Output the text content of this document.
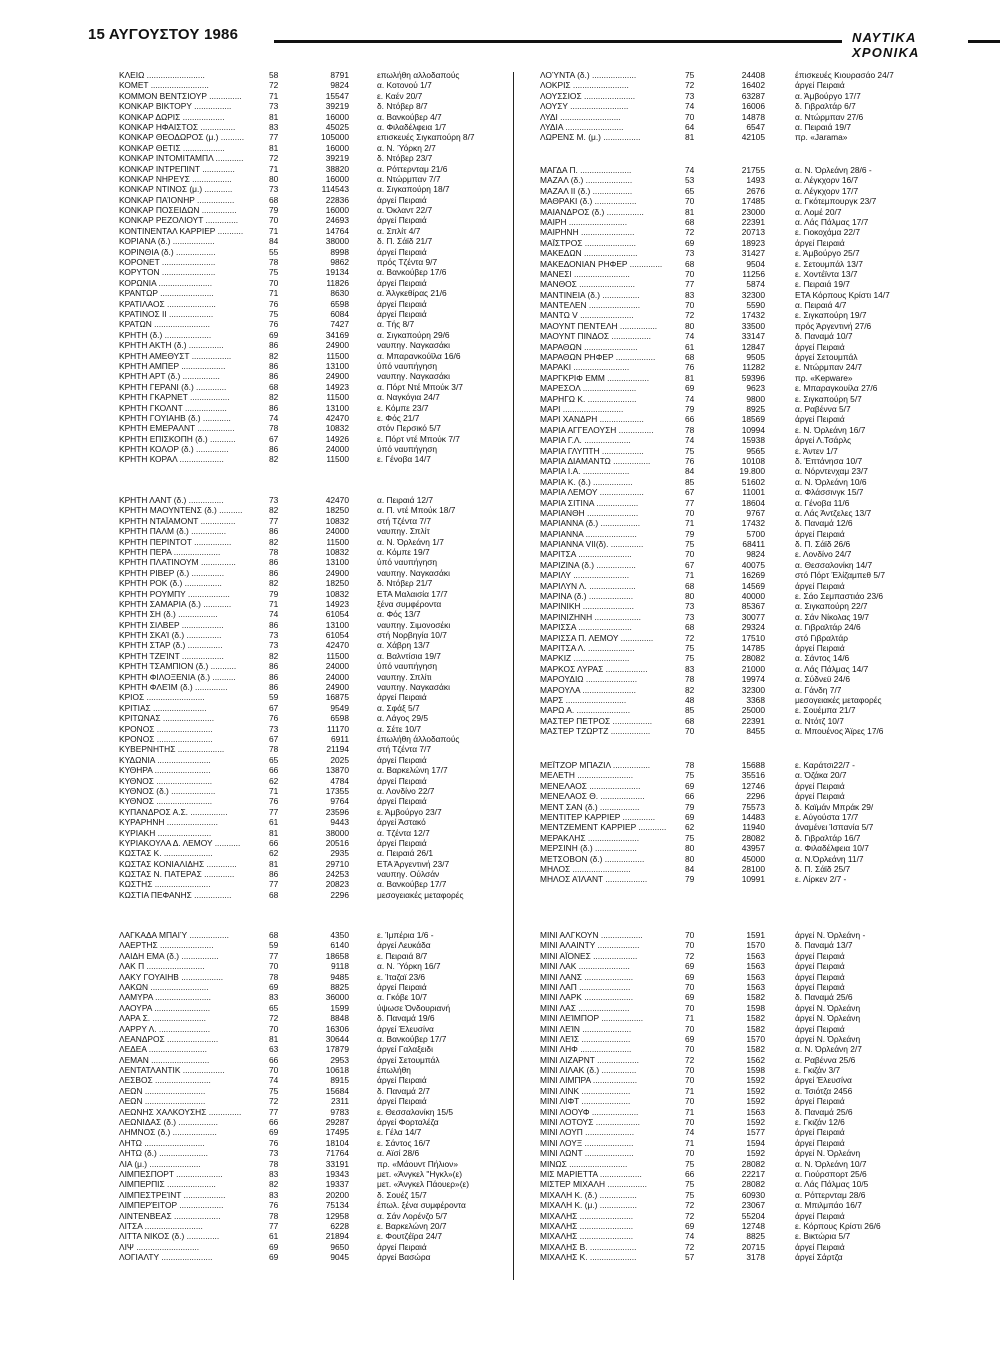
15 ΑΥΓΟΥΣΤΟΥ 1986	ΝΑΥΤΙΚΑ ΧΡΟΝΙΚΑ
ΚΛΕΙΩ .........................	58	8791	επωλήθη αλλοδαπούς
ΚΟΜΕΤ .........................	72	9824	α. Κοτονού 1/7
ΚΟΜΜΟΝ ΒΕΝΤΣΙΟΥΡ ..............	71	15547	ε. Καέν 20/7
ΚΟΝΚΑΡ ΒΙΚΤΟΡΥ ................	73	39219	δ. Ντόβερ 8/7
ΚΟΝΚΑΡ ΔΩΡΙΣ ..................	81	16000	α. Βανκούβερ 4/7
ΚΟΝΚΑΡ ΗΦΑΙΣΤΟΣ ...............	83	45025	α. Φιλαδέλφεια 1/7
ΚΟΝΚΑΡ ΘΕΟΔΩΡΟΣ (μ.) ..........	77	105000	επισκευές Σιγκαπούρη 8/7
ΚΟΝΚΑΡ ΘΕΤΙΣ ..................	81	16000	α. Ν. Ύόρκη 2/7
ΚΟΝΚΑΡ ΙΝΤΟΜΙΤΑΜΠΛ ............	72	39219	δ. Ντόβερ 23/7
ΚΟΝΚΑΡ ΙΝΤΡΕΠΙΝΤ ..............	71	38820	α. Ρόττερνταμ 21/6
ΚΟΝΚΑΡ ΝΗΡΕΥΣ .................	80	16000	α. Ντώρμπαν 7/7
ΚΟΝΚΑΡ ΝΤΙΝΟΣ (μ.) ............	73	114543	α. Σιγκαπούρη 18/7
ΚΟΝΚΑΡ ΠΑΊΟΝΗΡ ................	68	22836	άργεί Πειραιά
ΚΟΝΚΑΡ ΠΟΣΕΙΔΩΝ ...............	79	16000	α. Όκλαντ 22/7
ΚΟΝΚΑΡ ΡΕΖΟΛΙΟΥΤ ..............	70	24693	άργεί Πειραιά
ΚΟΝΤΙΝΕΝΤΑΛ ΚΑΡΡΙΕΡ ...........	71	14764	α. Σπλίτ 4/7
ΚΟΡΙΑΝΑ (δ.) ..................	84	38000	δ. Π. Σάϊδ 21/7
ΚΟΡΙΝΘΙΑ (δ.) .................	55	8998	άργεί Πειραιά
ΚΟΡΟΝΕΤ .......................	78	9862	πρός Τζέντα 9/7
ΚΟΡΥΤΟΝ .......................	75	19134	α. Βανκούβερ 17/6
ΚΟΡΩΝΙΑ .......................	70	11826	άργεί Πειραιά
ΚΡΑΝΤΩΡ .......................	71	8630	α. Άλγκεθίρας 21/6
ΚΡΑΤΙΛΑΟΣ .....................	76	6598	άργεί Πειραιά
ΚΡΑΤΙΝΟΣ ΙΙ ...................	75	6084	άργεί Πειραιά
ΚΡΑΤΩΝ ........................	76	7427	α. Τής 8/7
ΚΡΗΤΗ (δ.) ....................	69	34169	α. Σιγκαπούρη 29/6
ΚΡΗΤΗ ΑΚΤΗ (δ.) ...............	86	24900	ναυπηγ. Ναγκασάκι
ΚΡΗΤΗ ΑΜΕΘΥΣΤ .................	82	11500	α. Μπαρανκούϊλα 16/6
ΚΡΗΤΗ ΑΜΠΕΡ ...................	86	13100	ύπό ναυπήγηση
ΚΡΗΤΗ ΑΡΤ (δ.) ................	86	24900	ναυπηγ. Ναγκασάκι
ΚΡΗΤΗ ΓΕΡΑΝΙ (δ.) .............	68	14923	α. Πόρτ Ντέ Μπούκ 3/7
ΚΡΗΤΗ ΓΚΑΡΝΕΤ .................	82	11500	α. Ναγκόγια 24/7
ΚΡΗΤΗ ΓΚΟΛΝΤ ..................	86	13100	ε. Κόμπε 23/7
ΚΡΗΤΗ ΓΟΥΙΑΗΒ (δ.) ............	74	42470	ε. Φός 21/7
ΚΡΗΤΗ ΕΜΕΡΑΛΝΤ ................	78	10832	στόν Περσικό 5/7
ΚΡΗΤΗ ΕΠΙΣΚΟΠΗ (δ.) ...........	67	14926	ε. Πόρτ ντέ Μπούκ 7/7
ΚΡΗΤΗ ΚΟΛΟΡ (δ.) ..............	86	24000	ύπό ναυπήγηση
ΚΡΗΤΗ ΚΟΡΑΛ ...................	82	11500	ε. Γένοβα 14/7
ΚΡΗΤΗ ΛΑΝΤ (δ.) ...............	73	42470	α. Πειραιά 12/7
ΚΡΗΤΗ ΜΑΟΥΝΤΕΝΣ (δ.) ..........	82	18250	α. Π. ντέ Μπούκ 18/7
ΚΡΗΤΗ ΝΤΑΪΑΜΟΝΤ ...............	77	10832	στή Τζέντα 7/7
ΚΡΗΤΗ ΠΑΛΜ (δ.) ...............	86	24000	ναυπηγ. Σπλίτ
ΚΡΗΤΗ ΠΕΡΙΝΤΟΤ ................	82	11500	α. Ν. Όρλεάνη 1/7
ΚΡΗΤΗ ΠΕΡΑ ....................	78	10832	α. Κόμπε 19/7
ΚΡΗΤΗ ΠΛΑΤΙΝΟΥΜ ...............	86	13100	ύπό ναυπήγηση
ΚΡΗΤΗ ΡΙΒΕΡ (δ.) ..............	86	24900	ναυπηγ. Ναγκασάκι
ΚΡΗΤΗ ΡΟΚ (δ.) ................	82	18250	δ. Ντόβερ 21/7
ΚΡΗΤΗ ΡΟΥΜΠΥ ..................	79	10832	ΕΤΑ Μαλαισία 17/7
ΚΡΗΤΗ ΣΑΜΑΡΙΑ (δ.) ............	71	14923	ξένα συμφέροντα
ΚΡΗΤΗ ΣΗ (δ.) .................	74	61054	α. Φός 13/7
ΚΡΗΤΗ ΣΙΛΒΕΡ ..................	86	13100	ναυπηγ. Σιμονοσέκι
ΚΡΗΤΗ ΣΚΑΊ (δ.) ...............	73	61054	στή Νορβηγία 10/7
ΚΡΗΤΗ ΣΤΑΡ (δ.) ...............	73	42470	α. Χάβρη 13/7
ΚΡΗΤΗ ΤΖΕΊΝΤ ..................	82	11500	α. Βαλντίσια 19/7
ΚΡΗΤΗ ΤΣΑΜΠΙΟΝ (δ.) ...........	86	24000	ύπό ναυπήγηση
ΚΡΗΤΗ ΦΙΛΟΞΕΝΙΑ (δ.) ..........	86	24000	ναυπηγ. Σπλίτι
ΚΡΗΤΗ ΦΛΕΊΜ (δ.) ..............	86	24900	ναυπηγ. Ναγκασάκι
ΚΡΙΟΣ .........................	59	16875	άργεί Πειραιά
ΚΡΙΤΙΑΣ .......................	67	9549	α. Σφάξ 5/7
ΚΡΙΤΩΝΑΣ ......................	76	6598	α. Λάγος 29/5
ΚΡΟΝΟΣ ........................	73	11170	α. Σέτε 10/7
ΚΡΟΝΟΣ ........................	67	6911	έπωλήθη άλλοδαπούς
ΚΥΒΕΡΝΗΤΗΣ ....................	78	21194	στή Τζέντα 7/7
ΚΥΔΩΝΙΑ .......................	65	2025	άργεί Πειραιά
ΚΥΘΗΡΑ ........................	66	13870	α. Βαρκελώνη 17/7
ΚΥΘΝΟΣ ........................	62	4784	άργεί Πειραιά
ΚΥΘΝΟΣ (δ.) ...................	71	17355	α. Λονδίνο 22/7
ΚΥΘΝΟΣ ........................	76	9764	άργεί Πειραιά
ΚΥΠΑΝΔΡΟΣ Α.Σ. ................	77	23596	ε. Άμβούργο 23/7
ΚΥΡΑΡΗΝΗ ......................	61	9443	άργεί Άστακό
ΚΥΡΙΑΚΗ .......................	81	38000	α. Τζέντα 12/7
ΚΥΡΙΑΚΟΥΛΑ Δ. ΛΕΜΟΥ ...........	66	20516	άργεί Πειραιά
ΚΩΣΤΑΣ Κ. .....................	62	2935	α. Πειραιά 26/1
ΚΩΣΤΑΣ ΚΟΝΙΑΛΙΔΗΣ .............	81	29710	ΕΤΑ Άργεντινή 23/7
ΚΩΣΤΑΣ Ν. ΠΑΤΕΡΑΣ .............	86	24253	ναυπηγ. Ούλσάν
ΚΩΣΤΗΣ ........................	77	20823	α. Βανκούβερ 17/7
ΚΩΣΤΙΑ ΠΕΦΑΝΗΣ ................	68	2296	μεσογειακές μεταφορές
ΛΑΓΚΑΔΑ ΜΠΑΙΎ .................	68	4350	ε. Ίμπέρια 1/6 -
ΛΑΕΡΤΗΣ .......................	59	6140	άργεί Λευκάδα
ΛΑΙΔΗ ΕΜΑ (δ.) ................	77	18658	ε. Πειραιά 8/7
ΛΑΚ Π .........................	70	9118	α. Ν. Ύόρκη 16/7
ΛΑΚΥ ΓΟΥΑΙΗΒ ..................	78	9485	ε. Ίταζαϊ 23/6
ΛΑΚΩΝ .........................	69	8825	άργεί Πειραιά
ΛΑΜΥΡΑ ........................	83	36000	α. Γκόβε 10/7
ΛΑΟΥΡΑ ........................	65	1599	ύψωσε Όνδουριανή
ΛΑΡΑ Σ. .......................	72	8848	δ. Παναμά 19/6
ΛΑΡΡΥ Λ. ......................	70	16306	άργεί Έλευσίνα
ΛΕΑΝΔΡΟΣ ......................	81	30644	α. Βανκούβερ 17/7
ΛΕΔΕΑ .........................	63	17879	άργεί Γαλαξειδι
ΛΕΜΑΝ .........................	66	2953	άργεί Σετουμπάλ
ΛΕΝΤΑΤΛΑΝΤΙΚ ..................	70	10618	έπωλήθη
ΛΕΣΒΟΣ ........................	74	8915	άργεί Πειραιά
ΛΕΩΝ ..........................	75	15684	δ. Παναμά 2/7
ΛΕΩΝ ..........................	72	2311	άργεί Πειραιά
ΛΕΩΝΗΣ ΧΑΛΚΟΥΣΗΣ ..............	77	9783	ε. Θεσσαλονίκη 15/5
ΛΕΩΝΙΔΑΣ (δ.) .................	66	29287	άργεί Φορταλέζα
ΛΗΜΝΟΣ (δ.) ...................	69	17495	ε. Γέλα 14/7
ΛΗΤΩ ..........................	76	18104	ε. Σάντος 16/7
ΛΗΤΩ (δ.) .....................	73	71764	α. Αϊσί 28/6
ΛΙΑ (μ.) ......................	78	33191	πρ. «Μάουντ Πήλιον»
ΛΙΜΠΕΣΠΟΡΤ ....................	83	19343	μετ. «Άνγκελ "Ηγκλ»(ε)
ΛΙΜΠΕΡΠΙΣ .....................	82	19337	μετ. «Άνγκελ Πάουερ»(ε)
ΛΙΜΠΕΣΤΡΕΊΝΤ ..................	83	20200	δ. Σουέζ 15/7
ΛΙΜΠΕΡΈΙΤΟΡ ...................	76	75134	έπωλ. ξένα συμφέροντα
ΛΙΝΤΕΝΒΕΑΣ ....................	78	12958	α. Σάν Λορένζο 5/7
ΛΙΤΣΑ .........................	77	6228	ε. Βαρκελώνη 20/7
ΛΙΤΤΑ ΝΙΚΟΣ (δ.) ..............	61	21894	ε. Φουτζέϊρα 24/7
ΛΙΨ ...........................	69	9650	άργεί Πειραιά
ΛΟΓΙΑΛΤΥ ......................	69	9045	άργεί Βασώρα
ΛΟΎΝΤΑ (δ.) ...................	75	24408	έπισκευές Κιουρασάο 24/7
ΛΟΚΡΙΣ ........................	72	16402	άργεί Πειραιά
ΛΟΥΣΣΙΟΣ ......................	73	63287	α. Άμβούργο 17/7
ΛΟΥΣΥ .........................	74	16006	δ. Γιβραλτάρ 6/7
ΛΥΔΙ ..........................	70	14878	α. Ντώρμπαν 27/6
ΛΥΔΙΑ .........................	64	6547	α. Πειραιά 19/7
ΛΩΡΕΝΣ Μ. (μ.) ................	81	42105	πρ. «Jarama»
ΜΑΓΔΑ Π. ......................	74	21755	α. Ν. Όρλεάνη 28/6 -
ΜΑΖΑΛ (δ.) ....................	53	1493	α. Λέγκχορν 16/7
ΜΑΖΑΛ ΙΙ (δ.) .................	65	2676	α. Λέγκχορν 17/7
ΜΑΘΡΑΚΙ (δ.) ..................	70	17485	α. Γκότεμπουργκ 23/7
ΜΑΙΑΝΔΡΟΣ (δ.) ................	81	23000	α. Λομέ 20/7
ΜΑΙΡΗ .........................	68	22391	α. Λάς Πάλμας 17/7
ΜΑΙΡΗΝΗ .......................	72	20713	ε. Γιοκοχάμα 22/7
ΜΑΪΣΤΡΟΣ ......................	69	18923	άργεί Πειραιά
ΜΑΚΕΔΩΝ .......................	73	31427	ε. Άμβούργο 25/7
ΜΑΚΕΔΟΝΙΑΝ ΡΗΦΕΡ ..............	68	9504	ε. Σετουμπάλ 13/7
ΜΑΝΕΣΙ ........................	70	11256	ε. Χοντέϊντα 13/7
ΜΑΝΘΟΣ ........................	77	5874	ε. Πειραιά 19/7
ΜΑΝΤΙΝΕΙΑ (δ.) ................	83	32300	ΕΤΑ Κόρπους Κρίστι 14/7
ΜΑΝΤΕΛΕΝ ......................	70	5590	α. Πειραιά 4/7
ΜΑΝΤΩ V .......................	72	17432	ε. Σιγκαπούρη 19/7
ΜΑΟΥΝΤ ΠΕΝΤΕΛΗ ................	80	33500	πρός Άργεντινή 27/6
ΜΑΟΥΝΤ ΠΙΝΔΟΣ .................	74	33147	δ. Παναμά 10/7
ΜΑΡΑΘΩΝ .......................	61	12847	άργεί Πειραιά
ΜΑΡΑΘΩΝ ΡΗΦΕΡ .................	68	9505	άργεί Σετουμπάλ
ΜΑΡΑΚΙ ........................	76	11282	ε. Ντώρμπαν 24/7
ΜΑΡΓΚΡΙΦ ΕΜΜ ..................	81	59396	πρ. «Kepware»
ΜΑΡΕΣΟΛ .......................	69	9623	ε. Μπαραγκουίλα 27/6
ΜΑΡΗΓΩ Κ. .....................	74	9800	ε. Σιγκαπούρη 5/7
ΜΑΡΙ ..........................	79	8925	α. Ραβέννα 5/7
ΜΑΡΙ ΧΑΝΔΡΗ ...................	66	18569	άργεί Πειραιά
ΜΑΡΙΑ ΑΓΓΕΛΟΥΣΗ ...............	78	10994	ε. Ν. Όρλεάνη 16/7
ΜΑΡΙΑ Γ.Λ. ....................	74	15938	άργεί Λ.Τσάρλς
ΜΑΡΙΑ ΓΛΥΠΤΗ ..................	75	9565	ε. Άντεν 1/7
ΜΑΡΙΑ ΔΙΑΜΑΝΤΩ ................	76	10108	δ. Έπτάνησα 10/7
ΜΑΡΙΑ Ι.Α. ....................	84	19.800	α. Νόρντενχαμ 23/7
ΜΑΡΙΑ Κ. (δ.) .................	85	51602	α. Ν. Όρλεάνη 10/6
ΜΑΡΙΑ ΛΕΜΟΥ ...................	67	11001	α. Φλάσσινγκ 15/7
ΜΑΡΙΑ ΣΙΤΙΝΑ ..................	77	18604	α. Γένοβα 11/6
ΜΑΡΙΑΝΘΗ ......................	70	9767	α. Λάς Άντζελες 13/7
ΜΑΡΙΑΝΝΑ (δ.) .................	71	17432	δ. Παναμά 12/6
ΜΑΡΙΑΝΝΑ ......................	79	5700	άργεί Πειραιά
ΜΑΡΙΑΝΝΑ VII(δ). ..............	75	68411	δ. Π. Σάϊδ 26/6
ΜΑΡΙΤΣΑ .......................	70	9824	ε. Λονδίνο 24/7
ΜΑΡΙΖΙΝΑ (δ.) .................	67	40075	α. Θεσσαλονίκη 14/7
ΜΑΡΙΛΥ ........................	71	16269	στό Πόρτ Έλίζαμπεθ 5/7
ΜΑΡΙΛΥΝ Λ. ....................	68	14569	άργεί Πειραιά
ΜΑΡΙΝΑ (δ.) ...................	80	40000	ε. Σάο Σεμπαστιάο 23/6
ΜΑΡΙΝΙΚΗ ......................	73	85367	α. Σιγκαπούρη 22/7
ΜΑΡΙΝΙΖΗΝΗ ....................	73	30077	α. Σάν Νίκολας 19/7
ΜΑΡΙΣΣΑ .......................	68	29324	α. Γιβραλτάρ 24/6
ΜΑΡΙΣΣΑ Π. ΛΕΜΟΥ ..............	72	17510	στό Γιβραλτάρ
ΜΑΡΙΤΣΑ Λ. ....................	75	14785	άργεί Πειραιά
ΜΑΡΚΙΖ ........................	75	28082	α. Σάντος 14/6
ΜΑΡΚΟΣ ΛΥΡΑΣ ..................	83	21000	α. Λάς Πάλμας 14/7
ΜΑΡΟΥΔΙΩ ......................	78	19974	α. Σύδνεϋ 24/6
ΜΑΡΟΥΛΑ .......................	82	32300	α. Γάνδη 7/7
ΜΑΡΣ ..........................	48	3368	μεσογειακές μεταφορές
ΜΑΡΩ Α. .......................	85	25000	ε. Σουέμπα 21/7
ΜΑΣΤΕΡ ΠΕΤΡΟΣ .................	68	22391	α. Ντότζ 10/7
ΜΑΣΤΕΡ ΤΖΩΡΤΖ .................	70	8455	α. Μπουένος Άϊρες 17/6
ΜΕΪΤΖΟΡ ΜΠΑΖΙΛ ................	78	15688	ε. Καράτσι22/7 -
ΜΕΛΕΤΗ ........................	75	35516	α. Όζάκα 20/7
ΜΕΝΕΛΑΟΣ ......................	69	12746	άργεί Πειραιά
ΜΕΝΕΛΑΟΣ Θ. ...................	66	2296	άργεί Πειραιά
ΜΕΝΤ ΣΑΝ (δ.) .................	79	75573	δ. Καϊμάν Μπράκ 29/
ΜΕΝΤΙΤΕΡ ΚΑΡΡΙΕΡ ..............	69	14483	ε. Αύγούστα 17/7
ΜΕΝΤΖΕΜΕΝΤ ΚΑΡΡΙΕΡ ............	62	11940	άναμένει Ίσπανία 5/7
ΜΕΡΑΚΛΗΣ ......................	75	28082	δ. Γιβραλτάρ 16/7
ΜΕΡΣΙΝΗ (δ.) ..................	80	43957	α. Φιλαδέλφεια 10/7
ΜΕΤΣΟΒΟΝ (δ.) .................	80	45000	α. Ν.Όρλεάνη 11/7
ΜΗΛΟΣ .........................	84	28100	δ. Π. Σάϊδ 25/7
ΜΗΛΟΣ ΑΊΛΑΝΤ ..................	79	10991	ε. Λίρκεν 2/7 -
ΜΙΝΙ ΑΛΓΚΟΥΝ ..................	70	1591	άργεί Ν. Όρλεάνη -
ΜΙΝΙ ΑΛΑΙΝΤΥ ..................	70	1570	δ. Παναμά 13/7
ΜΙΝΙ ΑΪΟΝΕΣ ...................	72	1563	άργεί Πειραιά
ΜΙΝΙ ΛΑΚ ......................	69	1563	άργεί Πειραιά
ΜΙΝΙ ΛΑΝΣ .....................	69	1563	άργεί Πειραιά
ΜΙΝΙ ΛΑΠ ......................	70	1563	άργεί Πειραιά
ΜΙΝΙ ΛΑΡΚ .....................	69	1582	δ. Παναμά 25/6
ΜΙΝΙ ΛΑΣ ......................	70	1598	άργεί Ν. Όρλεάνη
ΜΙΝΙ ΛΕΊΜΠΟΡ ..................	71	1582	άργεί Ν. Όρλεάνη
ΜΙΝΙ ΛΕΊΝ .....................	70	1582	άργεί Πειραιά
ΜΙΝΙ ΛΕΊΣ .....................	69	1570	άργεί Ν. Όρλεάνη
ΜΙΝΙ ΛΗΦ ......................	70	1582	α. Ν. Όρλεάνη 2/7
ΜΙΝΙ ΛΙΖΑΡΝΤ ..................	72	1562	α. Ραβέννα 25/6
ΜΙΝΙ ΛΙΛΑΚ (δ.) ...............	70	1598	ε. Γκιζάν 3/7
ΜΙΝΙ ΛΙΜΠΡΑ ...................	70	1592	άργεί Έλευσίνα
ΜΙΝΙ ΛΙΝΚ .....................	71	1592	α. Τσιότζα 2456
ΜΙΝΙ ΛΙΦΤ .....................	70	1592	άργεί Πειραιά
ΜΙΝΙ ΛΟΟΥΦ ....................	71	1563	δ. Παναμά 25/6
ΜΙΝΙ ΛΟΤΟΥΣ ...................	70	1592	ε. Γκιζάν 12/6
ΜΙΝΙ ΛΟΥΠ .....................	74	1577	άργεί Πειραιά
ΜΙΝΙ ΛΟΥΞ .....................	71	1594	άργεί Πειραιά
ΜΙΝΙ ΛΩΝΤ .....................	70	1592	άργεί Ν. Όρλεάνη
ΜΙΝΩΣ .........................	75	28082	α. Ν. Όρλεάνη 10/7
ΜΙΣ ΜΑΡΙΕΤΤΑ ..................	66	22217	α. Γιούρσπορτ 25/6
ΜΙΣΤΕΡ ΜΙΧΑΛΗ .................	75	28082	α. Λάς Πάλμας 10/5
ΜΙΧΑΛΗ Κ. (δ.) ................	75	60930	α. Ρόττερνταμ 28/6
ΜΙΧΑΛΗ Κ. (μ.) ................	72	23067	α. Μπιλμπάο 16/7
ΜΙΧΑΛΗΣ .......................	72	55204	άργεί Πειραιά
ΜΙΧΑΛΗΣ .......................	69	12748	ε. Κόρπους Κρίστι 26/6
ΜΙΧΑΛΗΣ .......................	74	8825	ε. Βικτώρια 5/7
ΜΙΧΑΛΗΣ Β. ....................	72	20715	άργεί Πειραιά
ΜΙΧΑΛΗΣ Κ. ....................	57	3178	άργεί Σάρτζα
